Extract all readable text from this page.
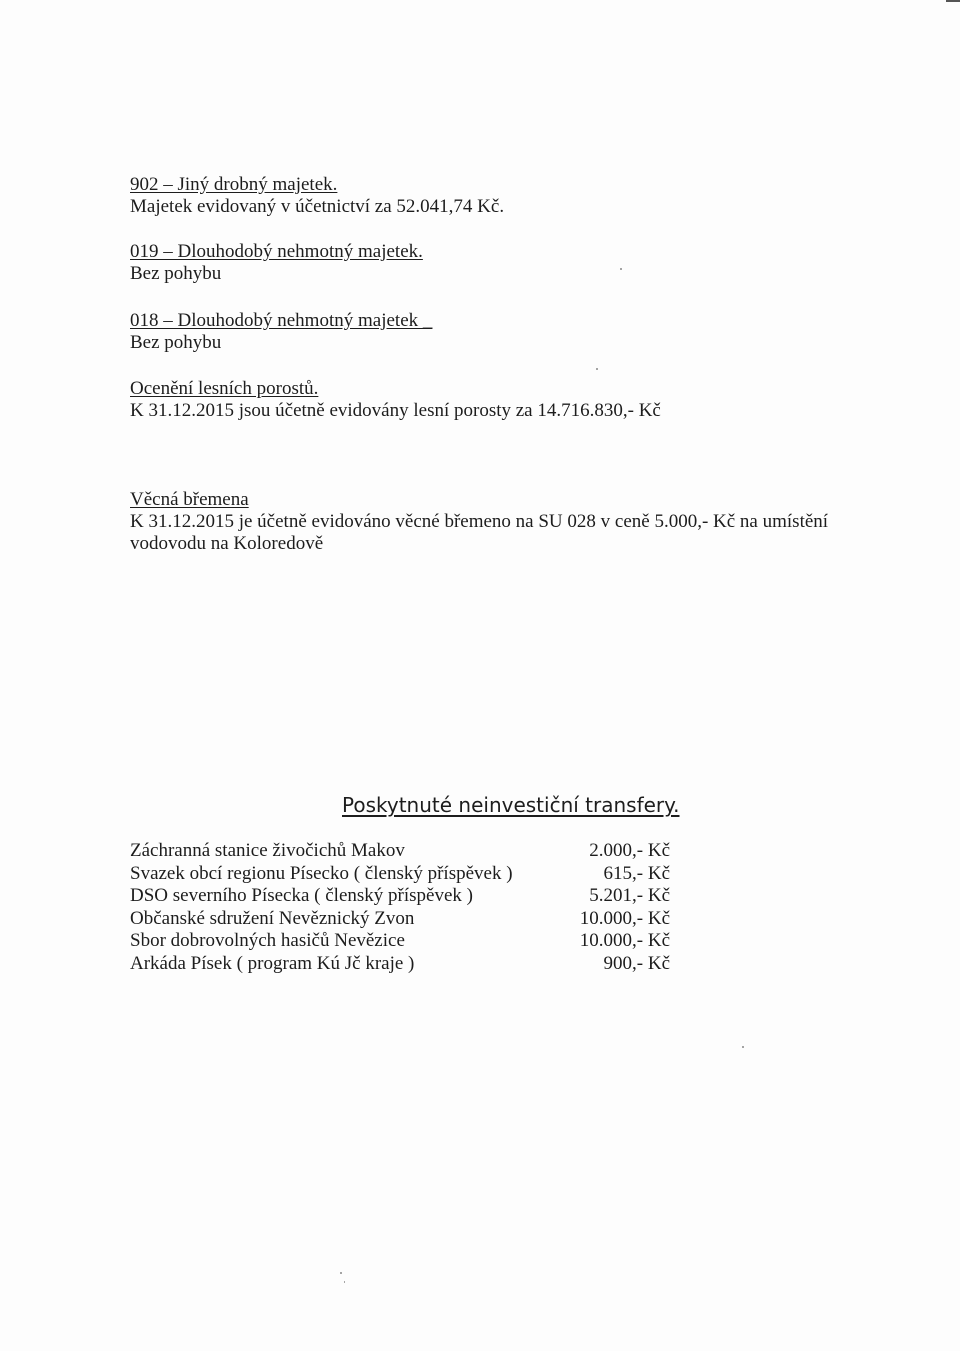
902 – Jiný drobný majetek.
Majetek evidovaný v účetnictví za 52.041,74 Kč.
019 – Dlouhodobý nehmotný majetek.
Bez pohybu
018 – Dlouhodobý nehmotný majetek _
Bez pohybu
Ocenění lesních porostů.
K 31.12.2015 jsou účetně evidovány lesní porosty za 14.716.830,- Kč
Věcná břemena
K 31.12.2015 je účetně evidováno věcné břemeno na SU 028 v ceně 5.000,- Kč na umístění
vodovodu na Koloredově
Poskytnuté neinvestiční transfery.
Záchranná stanice živočichů Makov	2.000,- Kč
Svazek obcí regionu Písecko ( členský příspěvek )	615,- Kč
DSO severního Písecka ( členský příspěvek )	5.201,- Kč
Občanské sdružení Nevěznický Zvon	10.000,- Kč
Sbor dobrovolných hasičů Nevězice	10.000,- Kč
Arkáda Písek ( program Kú Jč kraje )	900,- Kč
